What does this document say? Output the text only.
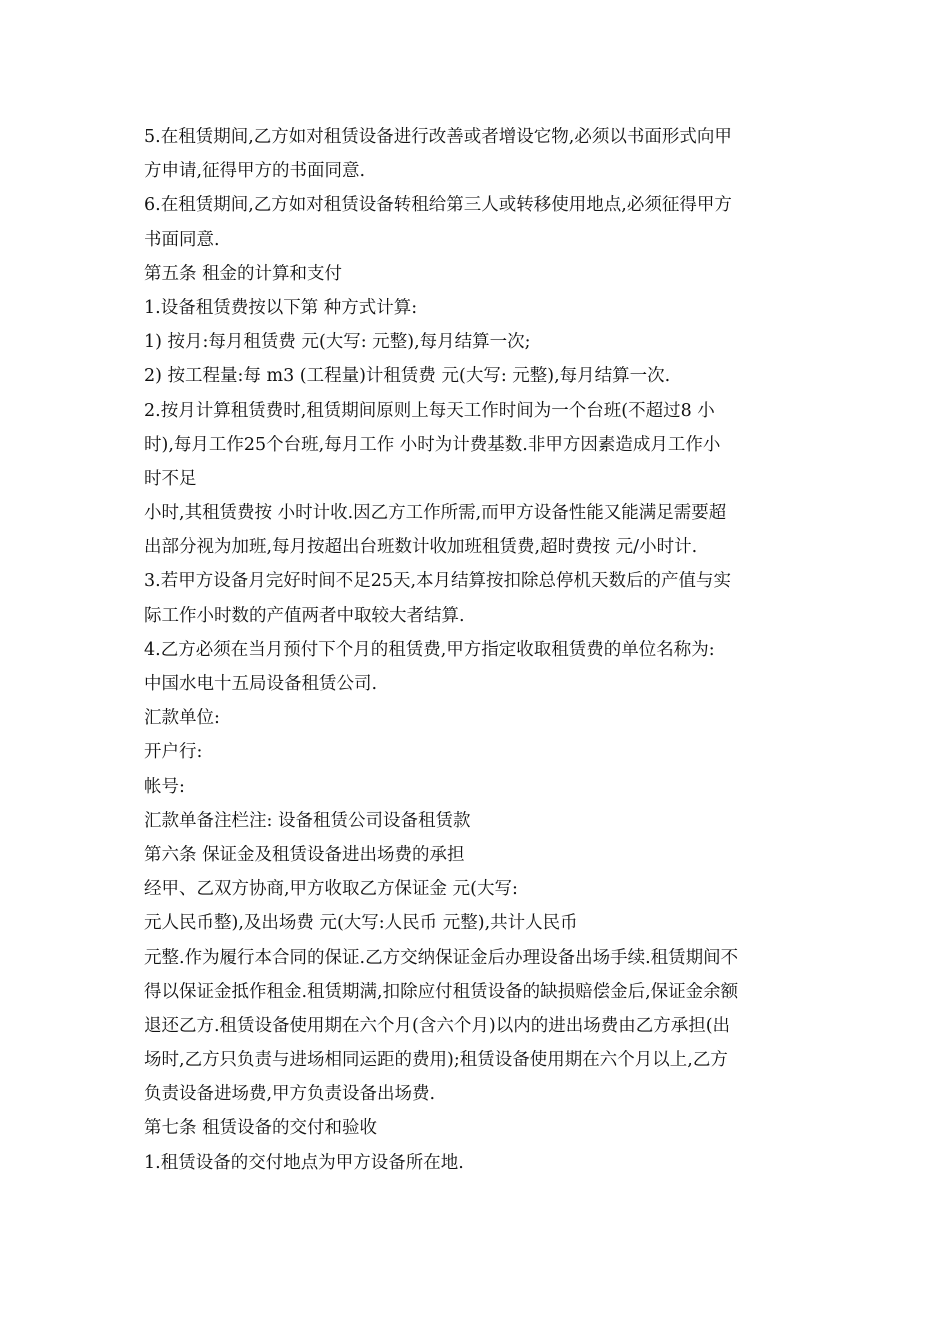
5.在租赁期间,乙方如对租赁设备进行改善或者增设它物,必须以书面形式向甲
方申请,征得甲方的书面同意.
6.在租赁期间,乙方如对租赁设备转租给第三人或转移使用地点,必须征得甲方
书面同意.
第五条 租金的计算和支付
1.设备租赁费按以下第 种方式计算:
1) 按月:每月租赁费 元(大写: 元整),每月结算一次;
2) 按工程量:每 m3 (工程量)计租赁费 元(大写: 元整),每月结算一次.
2.按月计算租赁费时,租赁期间原则上每天工作时间为一个台班(不超过8 小
时),每月工作25个台班,每月工作 小时为计费基数.非甲方因素造成月工作小
时不足
小时,其租赁费按 小时计收.因乙方工作所需,而甲方设备性能又能满足需要超
出部分视为加班,每月按超出台班数计收加班租赁费,超时费按 元/小时计.
3.若甲方设备月完好时间不足25天,本月结算按扣除总停机天数后的产值与实
际工作小时数的产值两者中取较大者结算.
4.乙方必须在当月预付下个月的租赁费,甲方指定收取租赁费的单位名称为:
中国水电十五局设备租赁公司.
汇款单位:
开户行:
帐号:
汇款单备注栏注: 设备租赁公司设备租赁款
第六条 保证金及租赁设备进出场费的承担
经甲、乙双方协商,甲方收取乙方保证金 元(大写:
元人民币整),及出场费 元(大写:人民币 元整),共计人民币
元整.作为履行本合同的保证.乙方交纳保证金后办理设备出场手续.租赁期间不
得以保证金抵作租金.租赁期满,扣除应付租赁设备的缺损赔偿金后,保证金余额
退还乙方.租赁设备使用期在六个月(含六个月)以内的进出场费由乙方承担(出
场时,乙方只负责与进场相同运距的费用);租赁设备使用期在六个月以上,乙方
负责设备进场费,甲方负责设备出场费.
第七条 租赁设备的交付和验收
1.租赁设备的交付地点为甲方设备所在地.
